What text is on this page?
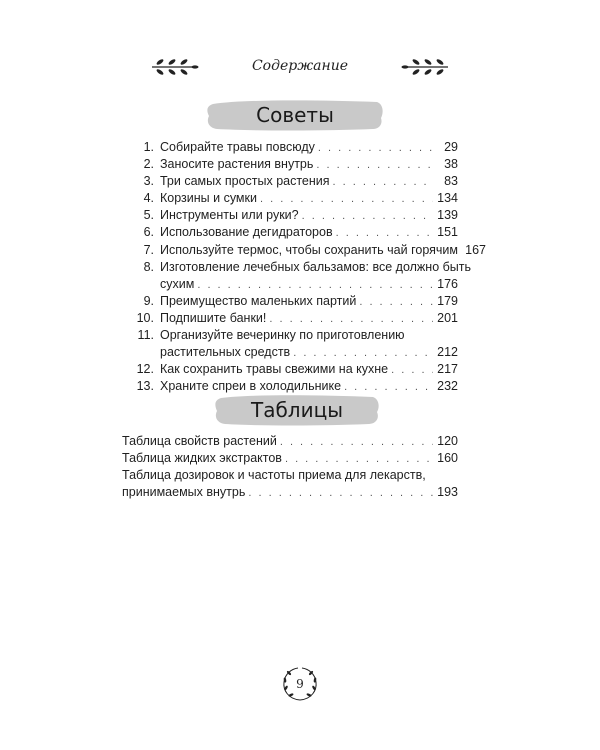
Содержание
Советы
1. Собирайте травы повсюду . . .	29
2. Заносите растения внутрь . . .	38
3. Три самых простых растения . . .	83
4. Корзины и сумки . . .	134
5. Инструменты или руки? . . .	139
6. Использование дегидраторов . . .	151
7. Используйте термос, чтобы сохранить чай горячим 167
8. Изготовление лечебных бальзамов: все должно быть
сухим . . .	176
9. Преимущество маленьких партий . . .	179
10. Подпишите банки! . . .	201
11. Организуйте вечеринку по приготовлению
растительных средств . . .	212
12. Как сохранить травы свежими на кухне . . .	217
13. Храните спреи в холодильнике . . .	232
Таблицы
Таблица свойств растений . . .	120
Таблица жидких экстрактов . . .	160
Таблица дозировок и частоты приема для лекарств,
принимаемых внутрь . . .	193
9
